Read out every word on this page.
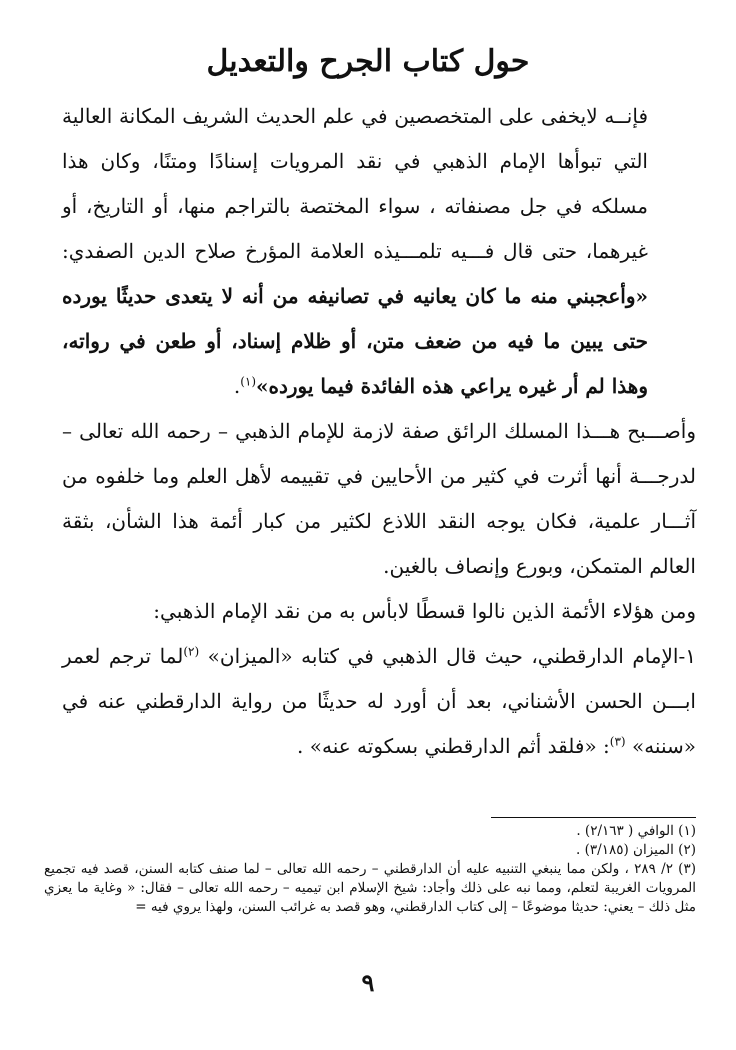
حول كتاب الجرح والتعديل

فإنــه لايخفى على المتخصصين في علم الحديث الشريف المكانة العالية التي تبوأها الإمام الذهبي في نقد المرويات إسنادًا ومتنًا، وكان هذا مسلكه في جل مصنفاته ، سواء المختصة بالتراجم منها، أو التاريخ، أو غيرهما، حتى قال فـــيه تلمـــيذه العلامة المؤرخ صلاح الدين الصفدي: «وأعجبني منه ما كان يعانيه في تصانيفه من أنه لا يتعدى حديثًا يورده حتى يبين ما فيه من ضعف متن، أو ظلام إسناد، أو طعن في رواته، وهذا لم أر غيره يراعي هذه الفائدة فيما يورده»$^{(١)}$.

وأصـــبح هـــذا المسلك الرائق صفة لازمة للإمام الذهبي – رحمه الله تعالى – لدرجـــة أنها أثرت في كثير من الأحايين في تقييمه لأهل العلم وما خلفوه من آثـــار علمية، فكان يوجه النقد اللاذع لكثير من كبار أئمة هذا الشأن، بثقة العالم المتمكن، وبورع وإنصاف بالغين.

ومن هؤلاء الأئمة الذين نالوا قسطًا لابأس به من نقد الإمام الذهبي:

١-الإمام الدارقطني، حيث قال الذهبي في كتابه «الميزان» $^{(٢)}$لما ترجم لعمر ابـــن الحسن الأشناني، بعد أن أورد له حديثًا من رواية الدارقطني عنه في «سننه» $^{(٣)}$: «فلقد أثم الدارقطني بسكوته عنه» .

(١) الوافي ( ٢/١٦٣) .

(٢) الميزان (٣/١٨٥) .

(٣) ٢/ ٢٨٩ ، ولكن مما ينبغي التنبيه عليه أن الدارقطني – رحمه الله تعالى – لما صنف كتابه السنن، قصد فيه تجميع المرويات الغريبة لتعلم، ومما نبه على ذلك وأجاد: شيخ الإسلام ابن تيميه – رحمه الله تعالى – فقال: « وغاية ما يعزي مثل ذلك – يعني: حديثا موضوعًا – إلى كتاب الدارقطني، وهو قصد به غرائب السنن، ولهذا يروي فيه =

٩
